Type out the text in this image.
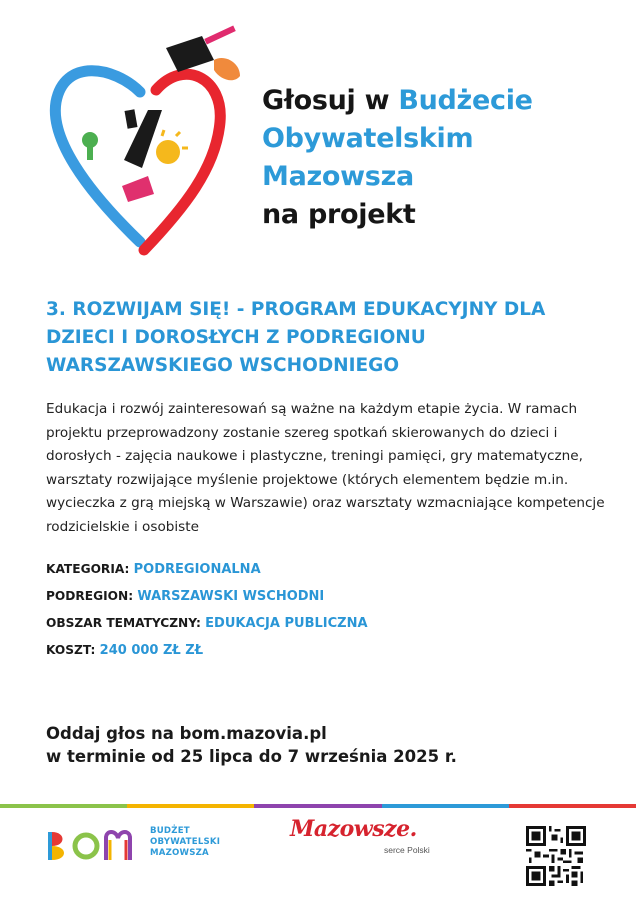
Głosuj w Budżecie
Obywatelskim
Mazowsza
na projekt
3. ROZWIJAM SIĘ! - PROGRAM EDUKACYJNY DLA DZIECI I DOROSŁYCH Z PODREGIONU WARSZAWSKIEGO WSCHODNIEGO
Edukacja i rozwój zainteresowań są ważne na każdym etapie życia. W ramach projektu przeprowadzony zostanie szereg spotkań skierowanych do dzieci i dorosłych - zajęcia naukowe i plastyczne, treningi pamięci, gry matematyczne, warsztaty rozwijające myślenie projektowe (których elementem będzie m.in. wycieczka z grą miejską w Warszawie) oraz warsztaty wzmacniające kompetencje rodzicielskie i osobiste
KATEGORIA: PODREGIONALNA
PODREGION: WARSZAWSKI WSCHODNI
OBSZAR TEMATYCZNY: EDUKACJA PUBLICZNA
KOSZT: 240 000 ZŁ ZŁ
Oddaj głos na bom.mazovia.pl
w terminie od 25 lipca do 7 września 2025 r.
BUDŻET
OBYWATELSKI
MAZOWSZA
Mazowsze.
serce Polski
